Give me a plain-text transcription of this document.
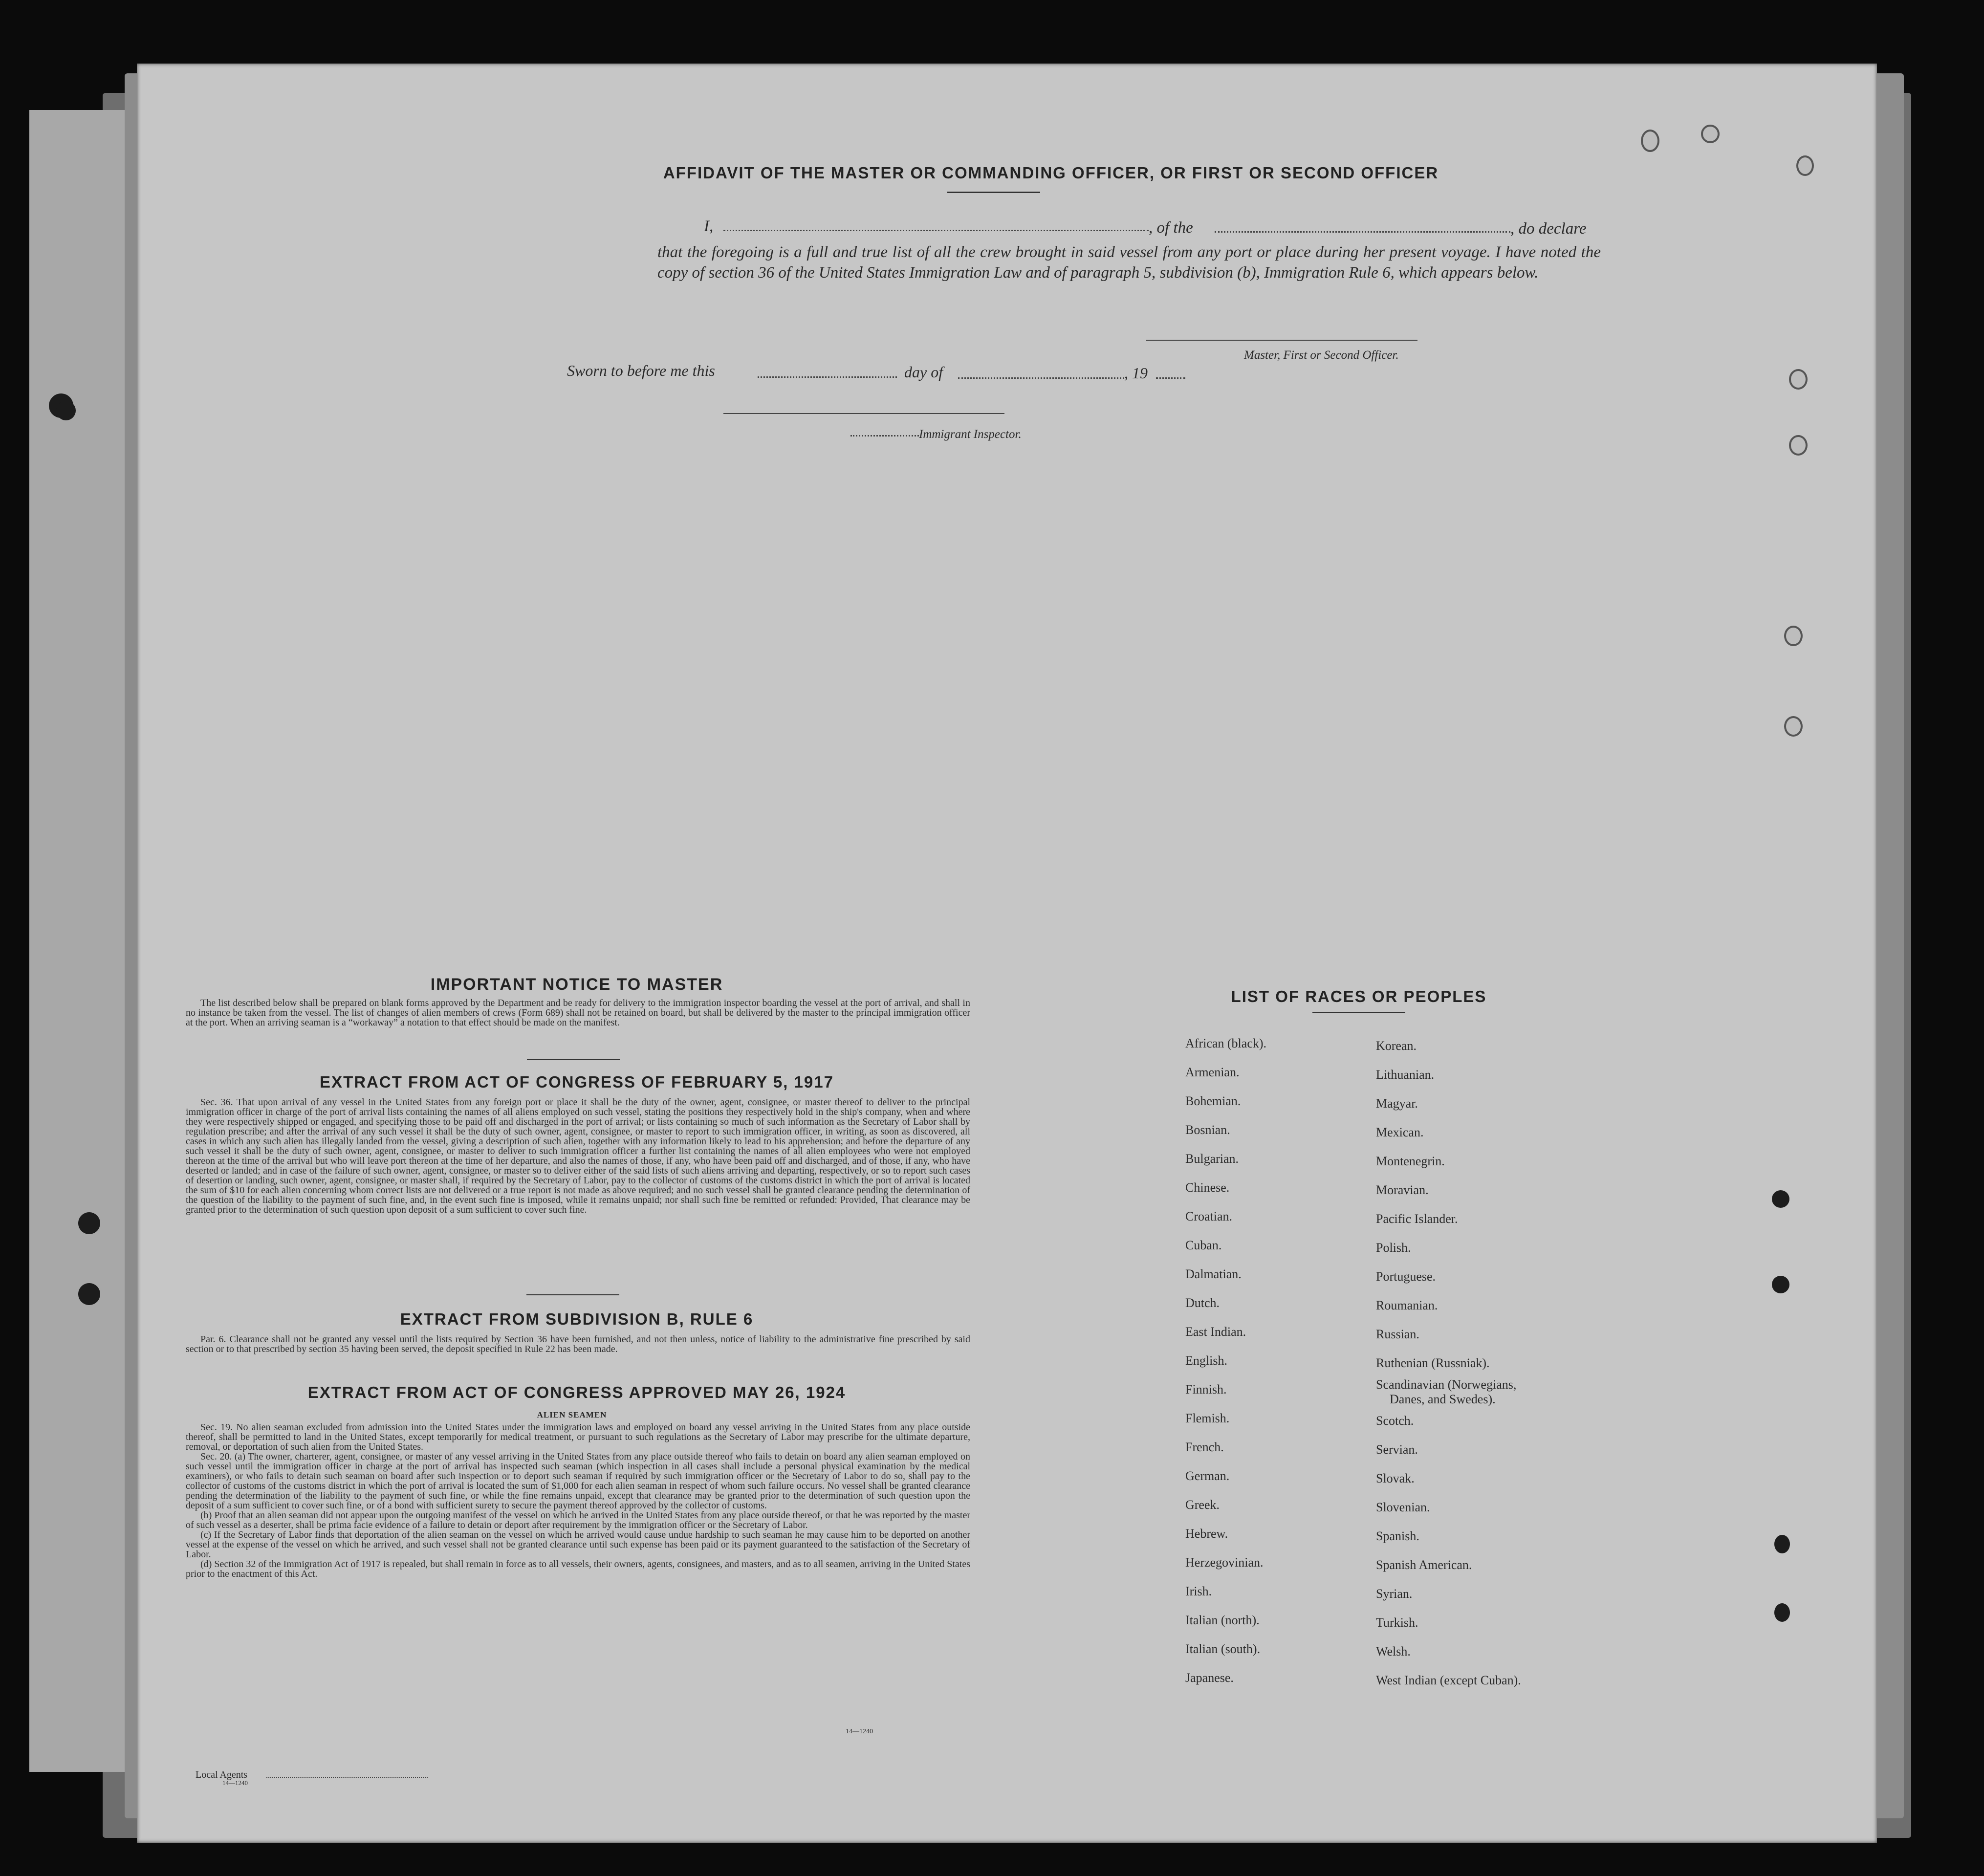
AFFIDAVIT OF THE MASTER OR COMMANDING OFFICER, OR FIRST OR SECOND OFFICER
I,	, of the	, do declare
that the foregoing is a full and true list of all the crew brought in said vessel from any port or place during her present voyage. I have noted the copy of section 36 of the United States Immigration Law and of paragraph 5, subdivision (b), Immigration Rule 6, which appears below.
Master, First or Second Officer.
Sworn to before me this	day of	, 19
Immigrant Inspector.
IMPORTANT NOTICE TO MASTER

The list described below shall be prepared on blank forms approved by the Department and be ready for delivery to the immigration inspector boarding the vessel at the port of arrival, and shall in no instance be taken from the vessel. The list of changes of alien members of crews (Form 689) shall not be retained on board, but shall be delivered by the master to the principal immigration officer at the port. When an arriving seaman is a “workaway” a notation to that effect should be made on the manifest.

EXTRACT FROM ACT OF CONGRESS OF FEBRUARY 5, 1917

Sec. 36. That upon arrival of any vessel in the United States from any foreign port or place it shall be the duty of the owner, agent, consignee, or master thereof to deliver to the principal immigration officer in charge of the port of arrival lists containing the names of all aliens employed on such vessel, stating the positions they respectively hold in the ship's company, when and where they were respectively shipped or engaged, and specifying those to be paid off and discharged in the port of arrival; or lists containing so much of such information as the Secretary of Labor shall by regulation prescribe; and after the arrival of any such vessel it shall be the duty of such owner, agent, consignee, or master to report to such immigration officer, in writing, as soon as discovered, all cases in which any such alien has illegally landed from the vessel, giving a description of such alien, together with any information likely to lead to his apprehension; and before the departure of any such vessel it shall be the duty of such owner, agent, consignee, or master to deliver to such immigration officer a further list containing the names of all alien employees who were not employed thereon at the time of the arrival but who will leave port thereon at the time of her departure, and also the names of those, if any, who have been paid off and discharged, and of those, if any, who have deserted or landed; and in case of the failure of such owner, agent, consignee, or master so to deliver either of the said lists of such aliens arriving and departing, respectively, or so to report such cases of desertion or landing, such owner, agent, consignee, or master shall, if required by the Secretary of Labor, pay to the collector of customs of the customs district in which the port of arrival is located the sum of $10 for each alien concerning whom correct lists are not delivered or a true report is not made as above required; and no such vessel shall be granted clearance pending the determination of the question of the liability to the payment of such fine, and, in the event such fine is imposed, while it remains unpaid; nor shall such fine be remitted or refunded: Provided, That clearance may be granted prior to the determination of such question upon deposit of a sum sufficient to cover such fine.

EXTRACT FROM SUBDIVISION B, RULE 6

Par. 6. Clearance shall not be granted any vessel until the lists required by Section 36 have been furnished, and not then unless, notice of liability to the administrative fine prescribed by said section or to that prescribed by section 35 having been served, the deposit specified in Rule 22 has been made.

EXTRACT FROM ACT OF CONGRESS APPROVED MAY 26, 1924
ALIEN SEAMEN

Sec. 19. No alien seaman excluded from admission into the United States under the immigration laws and employed on board any vessel arriving in the United States from any place outside thereof, shall be permitted to land in the United States, except temporarily for medical treatment, or pursuant to such regulations as the Secretary of Labor may prescribe for the ultimate departure, removal, or deportation of such alien from the United States.

Sec. 20. (a) The owner, charterer, agent, consignee, or master of any vessel arriving in the United States from any place outside thereof who fails to detain on board any alien seaman employed on such vessel until the immigration officer in charge at the port of arrival has inspected such seaman (which inspection in all cases shall include a personal physical examination by the medical examiners), or who fails to detain such seaman on board after such inspection or to deport such seaman if required by such immigration officer or the Secretary of Labor to do so, shall pay to the collector of customs of the customs district in which the port of arrival is located the sum of $1,000 for each alien seaman in respect of whom such failure occurs. No vessel shall be granted clearance pending the determination of the liability to the payment of such fine, or while the fine remains unpaid, except that clearance may be granted prior to the determination of such question upon the deposit of a sum sufficient to cover such fine, or of a bond with sufficient surety to secure the payment thereof approved by the collector of customs.

(b) Proof that an alien seaman did not appear upon the outgoing manifest of the vessel on which he arrived in the United States from any place outside thereof, or that he was reported by the master of such vessel as a deserter, shall be prima facie evidence of a failure to detain or deport after requirement by the immigration officer or the Secretary of Labor.

(c) If the Secretary of Labor finds that deportation of the alien seaman on the vessel on which he arrived would cause undue hardship to such seaman he may cause him to be deported on another vessel at the expense of the vessel on which he arrived, and such vessel shall not be granted clearance until such expense has been paid or its payment guaranteed to the satisfaction of the Secretary of Labor.

(d) Section 32 of the Immigration Act of 1917 is repealed, but shall remain in force as to all vessels, their owners, agents, consignees, and masters, and as to all seamen, arriving in the United States prior to the enactment of this Act.

14—1240
LIST OF RACES OR PEOPLES
African (black).
Armenian.
Bohemian.
Bosnian.
Bulgarian.
Chinese.
Croatian.
Cuban.
Dalmatian.
Dutch.
East Indian.
English.
Finnish.
Flemish.
French.
German.
Greek.
Hebrew.
Herzegovinian.
Irish.
Italian (north).
Italian (south).
Japanese.
Korean.
Lithuanian.
Magyar.
Mexican.
Montenegrin.
Moravian.
Pacific Islander.
Polish.
Portuguese.
Roumanian.
Russian.
Ruthenian (Russniak).
Scandinavian (Norwegians,
Danes, and Swedes).
Scotch.
Servian.
Slovak.
Slovenian.
Spanish.
Spanish American.
Syrian.
Turkish.
Welsh.
West Indian (except Cuban).
Local Agents
14—1240
